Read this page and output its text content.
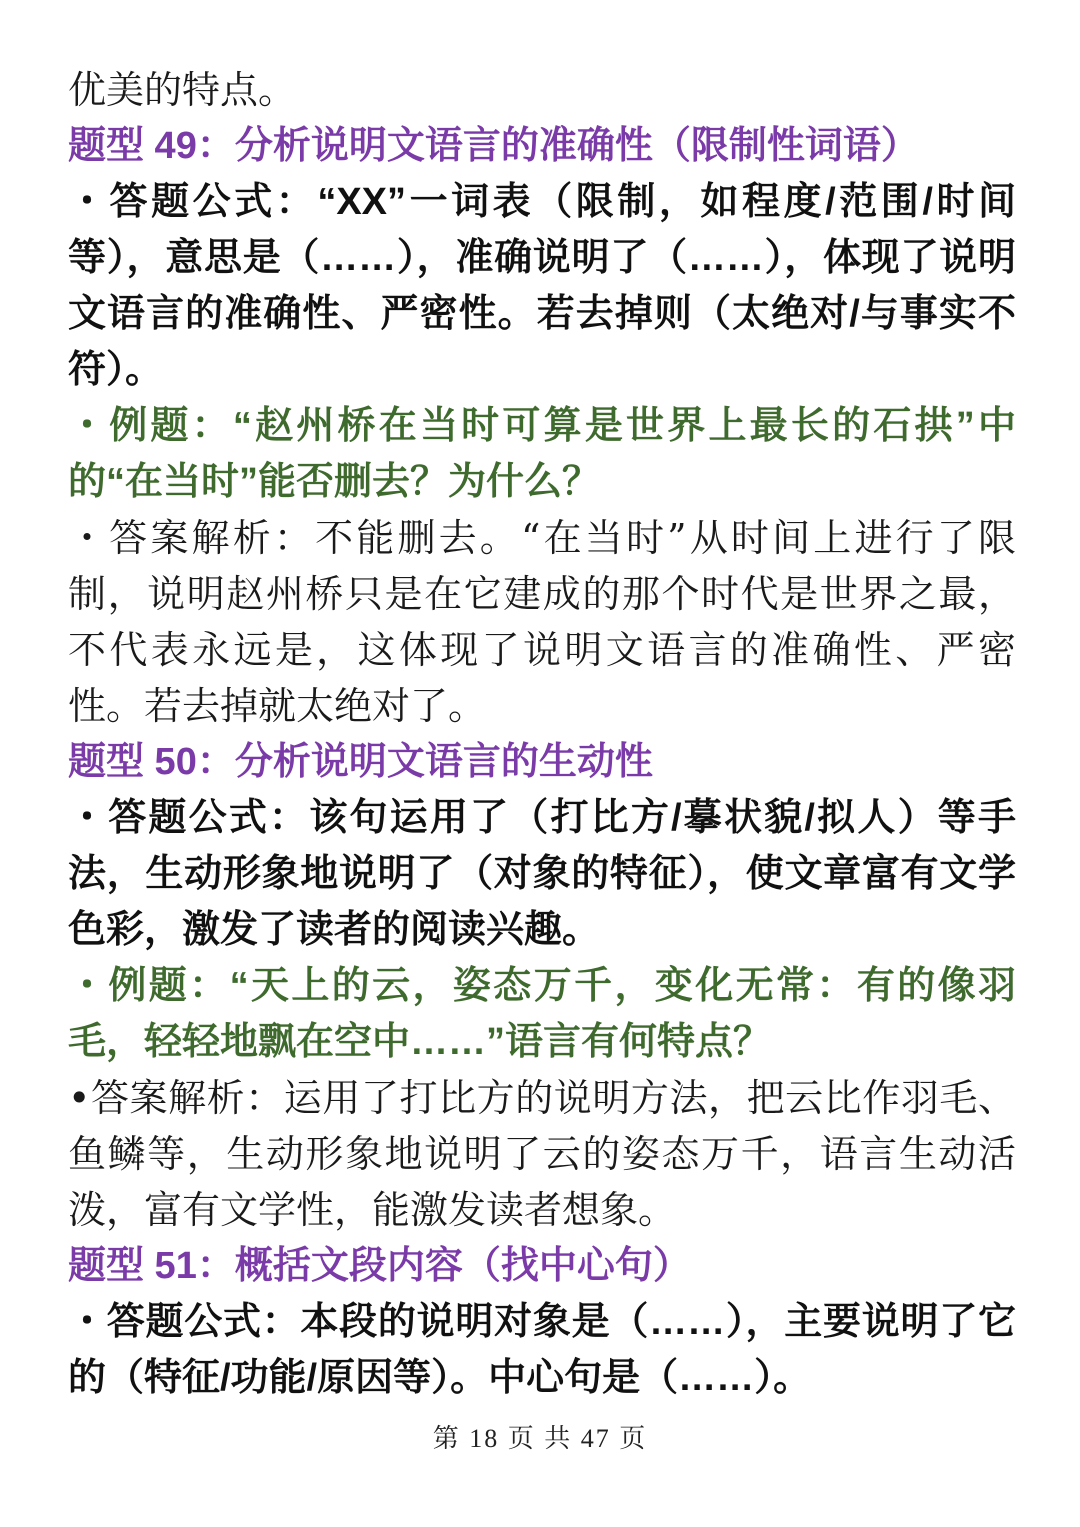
优美的特点。

题型 49：分析说明文语言的准确性（限制性词语）

・答题公式：“XX”一词表（限制，如程度/范围/时间等），意思是（……），准确说明了（……），体现了说明文语言的准确性、严密性。若去掉则（太绝对/与事实不符）。

・例题：“赵州桥在当时可算是世界上最长的石拱”中的“在当时”能否删去？为什么？

・答案解析：不能删去。“在当时”从时间上进行了限制，说明赵州桥只是在它建成的那个时代是世界之最，不代表永远是，这体现了说明文语言的准确性、严密性。若去掉就太绝对了。

题型 50：分析说明文语言的生动性

・答题公式：该句运用了（打比方/摹状貌/拟人）等手法，生动形象地说明了（对象的特征），使文章富有文学色彩，激发了读者的阅读兴趣。

・例题：“天上的云，姿态万千，变化无常：有的像羽毛，轻轻地飘在空中……”语言有何特点？

•答案解析：运用了打比方的说明方法，把云比作羽毛、鱼鳞等，生动形象地说明了云的姿态万千，语言生动活泼，富有文学性，能激发读者想象。

题型 51：概括文段内容（找中心句）

・答题公式：本段的说明对象是（……），主要说明了它的（特征/功能/原因等）。中心句是（……）。

第 18 页 共 47 页
